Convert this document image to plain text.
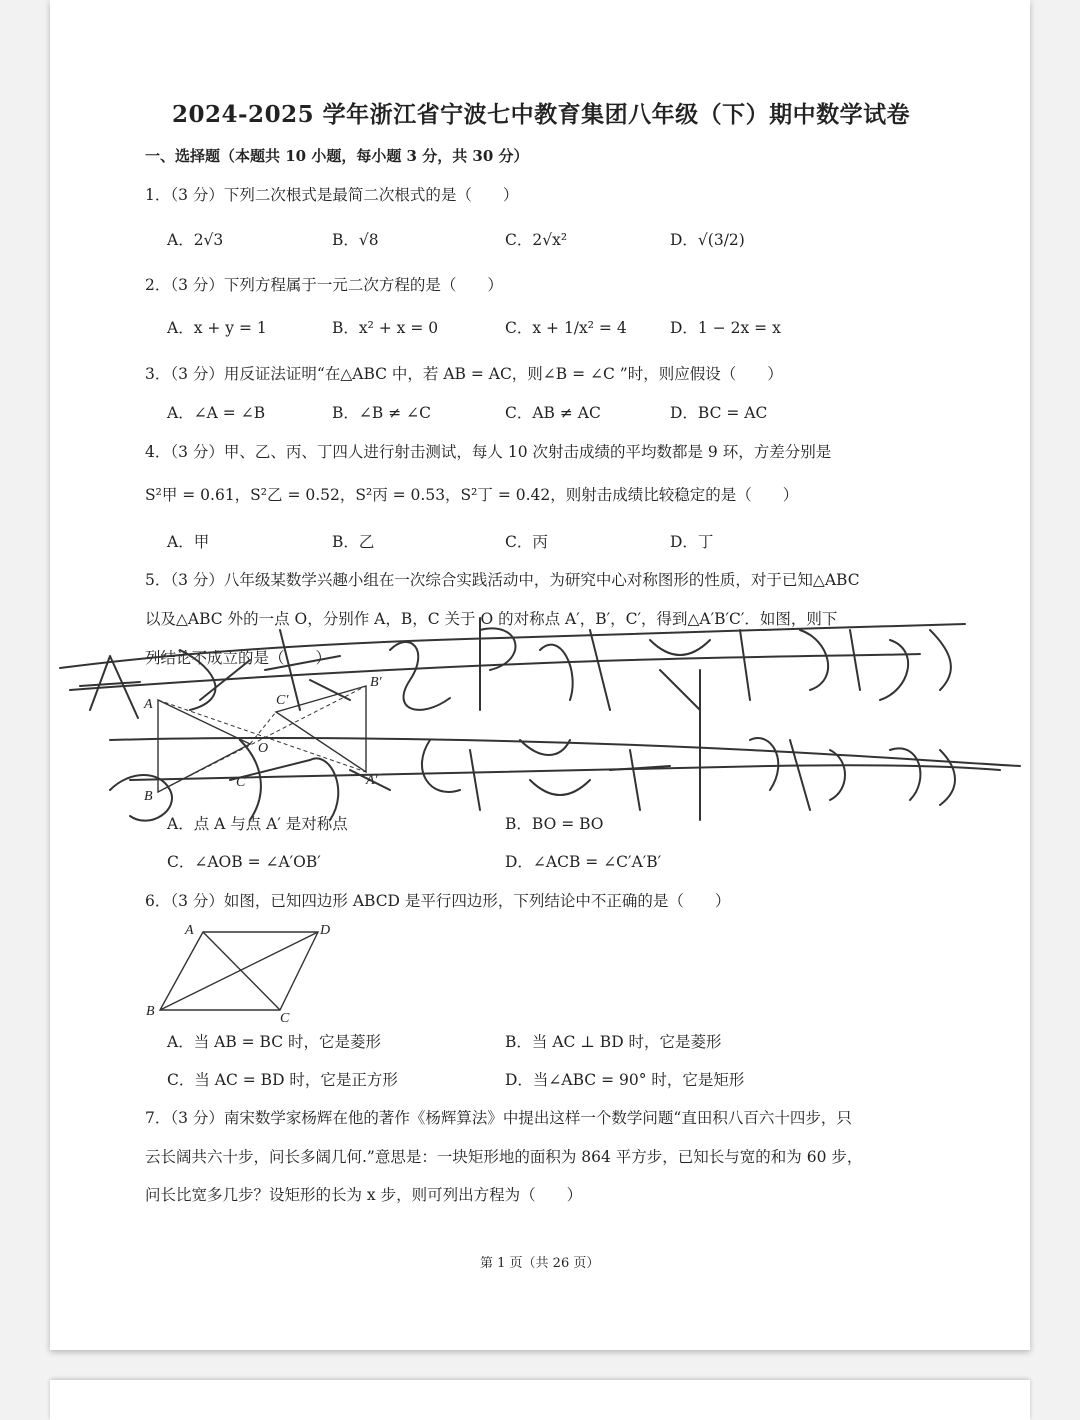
2024-2025 学年浙江省宁波七中教育集团八年级（下）期中数学试卷
一、选择题（本题共 10 小题，每小题 3 分，共 30 分）
1．（3 分）下列二次根式是最简二次根式的是（　　）
A．2√3	B．√8	C．2√x²	D．√(3/2)
2．（3 分）下列方程属于一元二次方程的是（　　）
A．x + y = 1	B．x² + x = 0	C．x + 1/x² = 4	D．1 − 2x = x
3．（3 分）用反证法证明“在△ABC 中，若 AB = AC，则∠B = ∠C ”时，则应假设（　　）
A．∠A = ∠B	B．∠B ≠ ∠C	C．AB ≠ AC	D．BC = AC
4．（3 分）甲、乙、丙、丁四人进行射击测试，每人 10 次射击成绩的平均数都是 9 环，方差分别是
S²甲 = 0.61，S²乙 = 0.52，S²丙 = 0.53，S²丁 = 0.42，则射击成绩比较稳定的是（　　）
A．甲	B．乙	C．丙	D．丁
5．（3 分）八年级某数学兴趣小组在一次综合实践活动中，为研究中心对称图形的性质，对于已知△ABC
以及△ABC 外的一点 O，分别作 A，B，C 关于 O 的对称点 A′，B′，C′，得到△A′B′C′．如图，则下
列结论不成立的是（　　）
A
B
C
O
A′
B′
C′
A．点 A 与点 A′ 是对称点	B．BO = BO
C．∠AOB = ∠A′OB′	D．∠ACB = ∠C′A′B′
6．（3 分）如图，已知四边形 ABCD 是平行四边形，下列结论中不正确的是（　　）
A	D
B	C
A．当 AB = BC 时，它是菱形	B．当 AC ⊥ BD 时，它是菱形
C．当 AC = BD 时，它是正方形	D．当∠ABC = 90° 时，它是矩形
7．（3 分）南宋数学家杨辉在他的著作《杨辉算法》中提出这样一个数学问题“直田积八百六十四步，只
云长阔共六十步，问长多阔几何.”意思是：一块矩形地的面积为 864 平方步，已知长与宽的和为 60 步，
问长比宽多几步？设矩形的长为 x 步，则可列出方程为（　　）
第 1 页（共 26 页）
